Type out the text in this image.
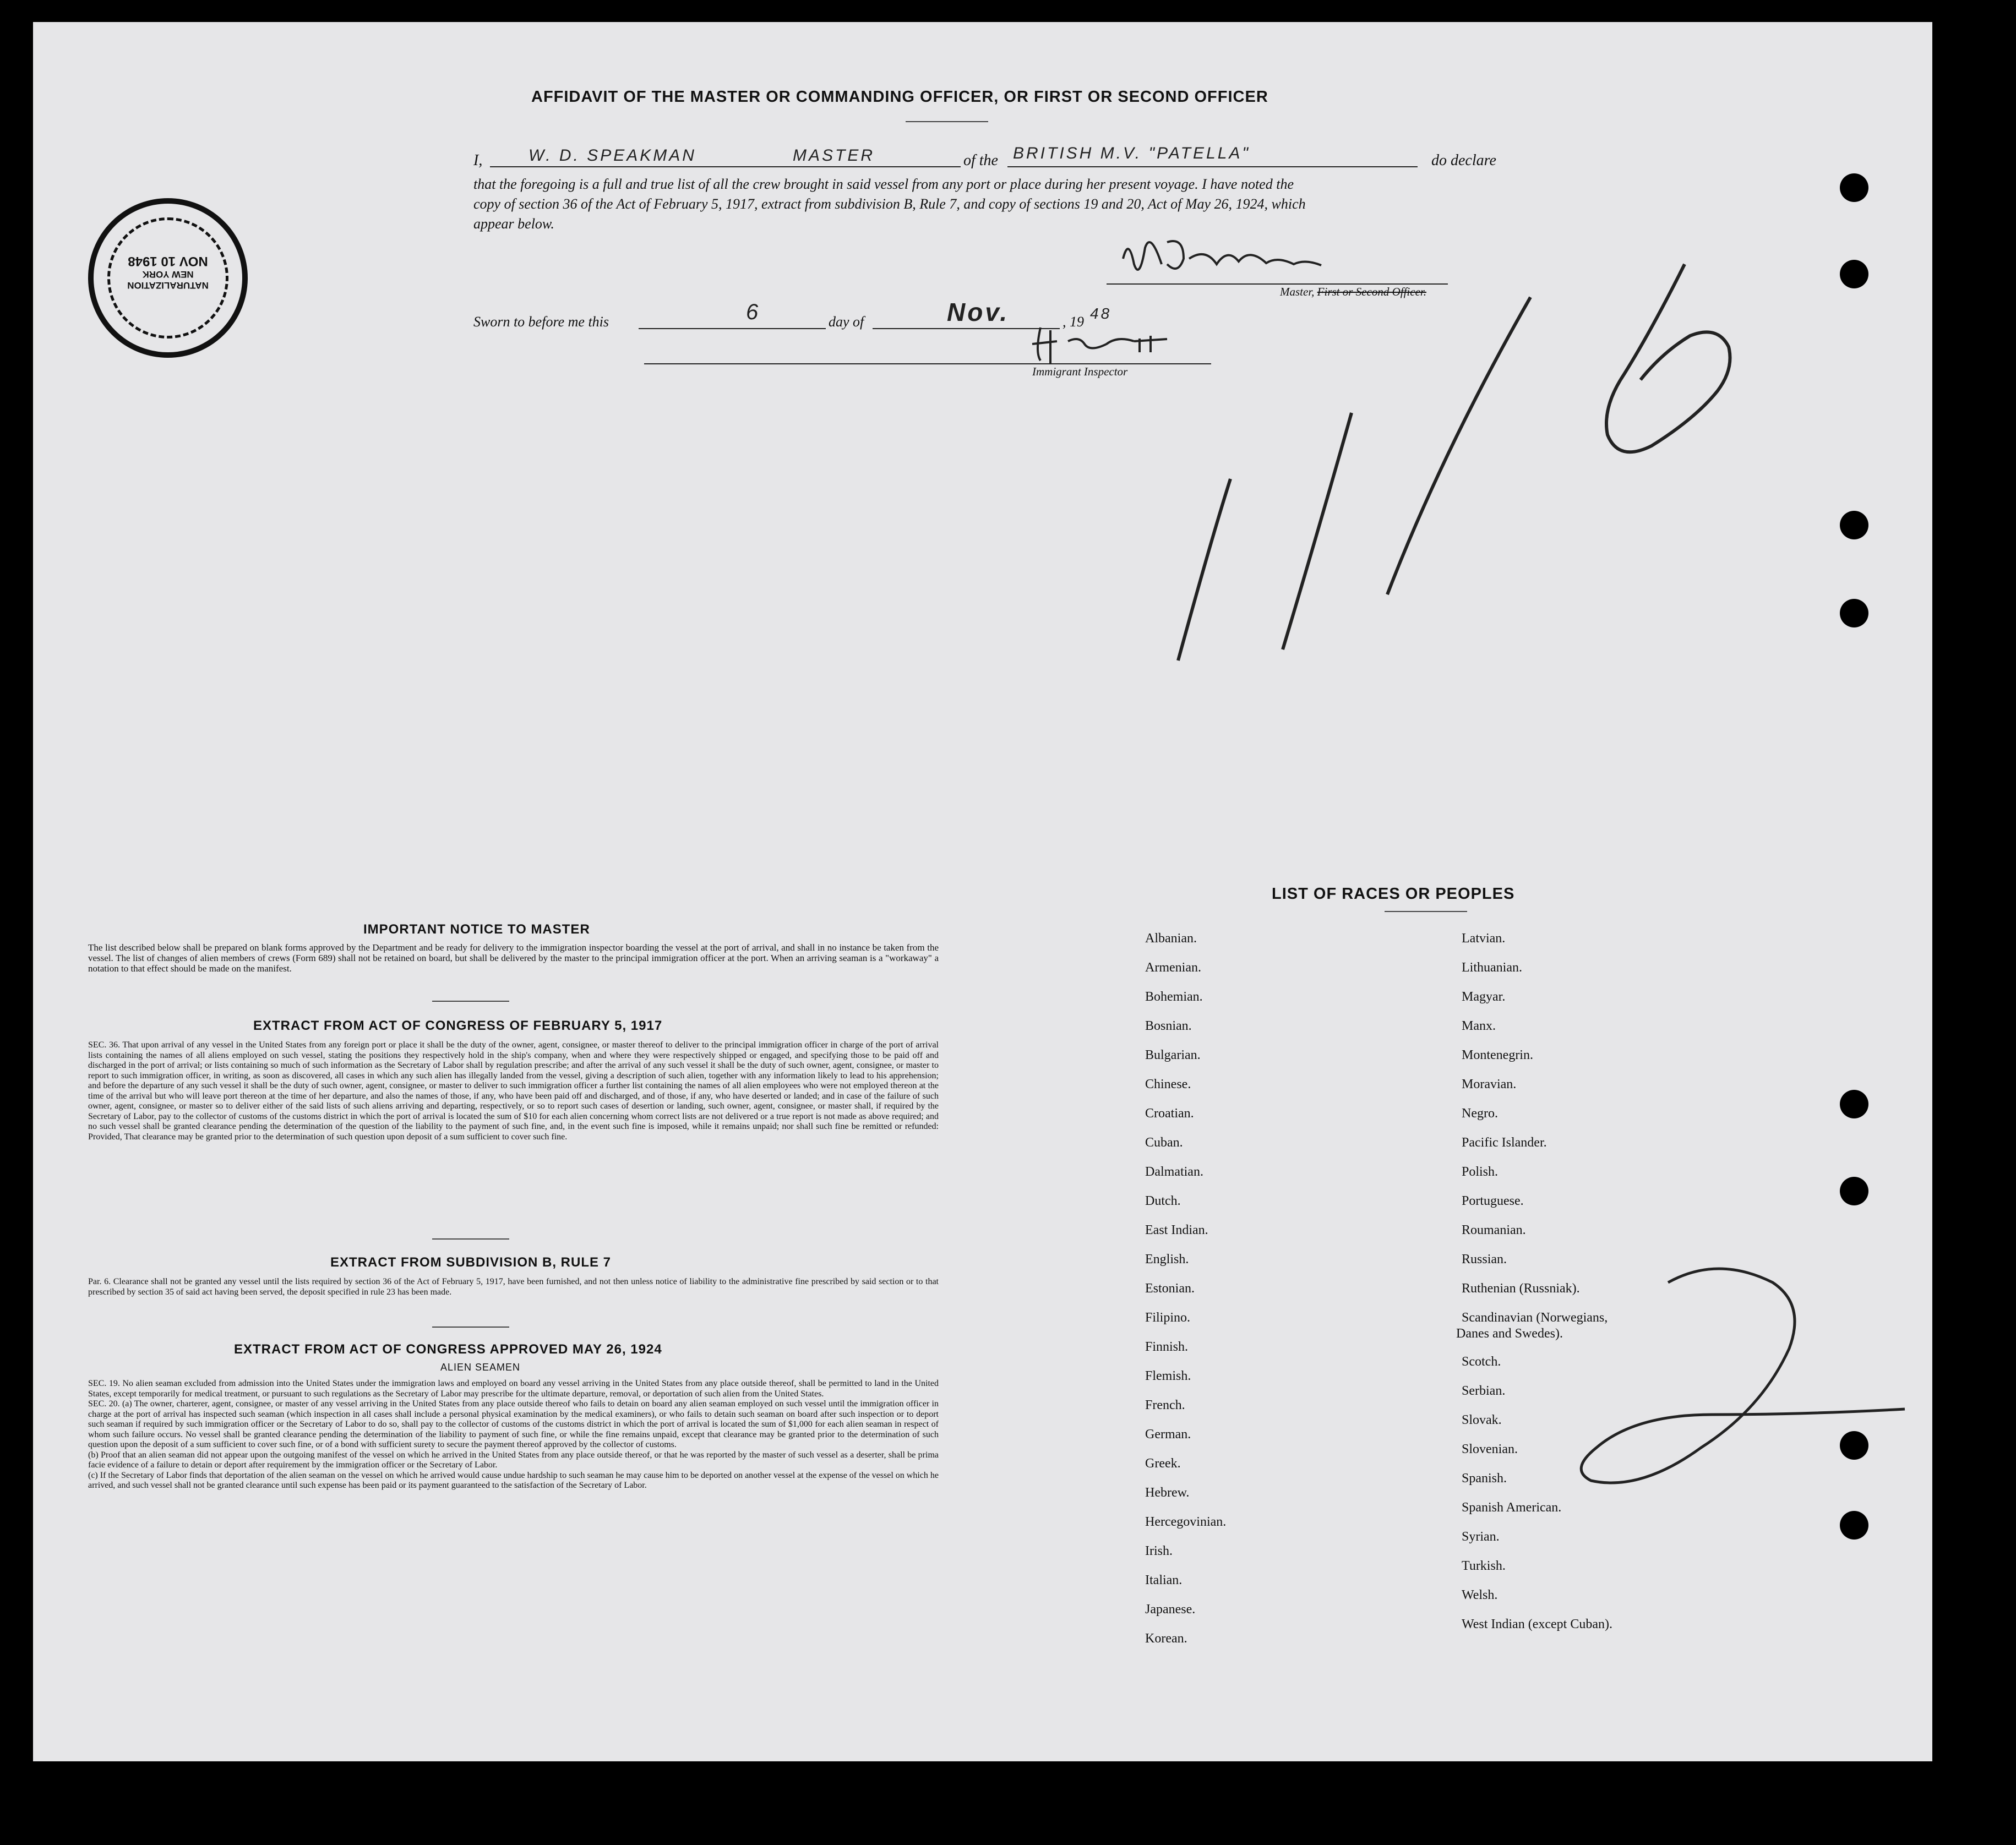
AFFIDAVIT OF THE MASTER OR COMMANDING OFFICER, OR FIRST OR SECOND OFFICER
I,	W. D. SPEAKMAN	MASTER	of the BRITISH M.V. "PATELLA"	do declare
that the foregoing is a full and true list of all the crew brought in said vessel from any port or place during her present voyage. I have noted the
copy of section 36 of the Act of February 5, 1917, extract from subdivision B, Rule 7, and copy of sections 19 and 20, Act of May 26, 1924, which
appear below.
Master, First or Second Officer.
Sworn to before me this	6	day of	Nov.	, 19 48
Immigrant Inspector
NATURALIZATION
NEW YORK
NOV 10 1948
IMPORTANT NOTICE TO MASTER
The list described below shall be prepared on blank forms approved by the Department and be ready for delivery to the immigration inspector boarding the vessel at the port of arrival, and shall in no instance be taken from the vessel. The list of changes of alien members of crews (Form 689) shall not be retained on board, but shall be delivered by the master to the principal immigration officer at the port. When an arriving seaman is a "workaway" a notation to that effect should be made on the manifest.
EXTRACT FROM ACT OF CONGRESS OF FEBRUARY 5, 1917
SEC. 36. That upon arrival of any vessel in the United States from any foreign port or place it shall be the duty of the owner, agent, consignee, or master thereof to deliver to the principal immigration officer in charge of the port of arrival lists containing the names of all aliens employed on such vessel, stating the positions they respectively hold in the ship's company, when and where they were respectively shipped or engaged, and specifying those to be paid off and discharged in the port of arrival; or lists containing so much of such information as the Secretary of Labor shall by regulation prescribe; and after the arrival of any such vessel it shall be the duty of such owner, agent, consignee, or master to report to such immigration officer, in writing, as soon as discovered, all cases in which any such alien has illegally landed from the vessel, giving a description of such alien, together with any information likely to lead to his apprehension; and before the departure of any such vessel it shall be the duty of such owner, agent, consignee, or master to deliver to such immigration officer a further list containing the names of all alien employees who were not employed thereon at the time of the arrival but who will leave port thereon at the time of her departure, and also the names of those, if any, who have been paid off and discharged, and of those, if any, who have deserted or landed; and in case of the failure of such owner, agent, consignee, or master so to deliver either of the said lists of such aliens arriving and departing, respectively, or so to report such cases of desertion or landing, such owner, agent, consignee, or master shall, if required by the Secretary of Labor, pay to the collector of customs of the customs district in which the port of arrival is located the sum of $10 for each alien concerning whom correct lists are not delivered or a true report is not made as above required; and no such vessel shall be granted clearance pending the determination of the question of the liability to the payment of such fine, and, in the event such fine is imposed, while it remains unpaid; nor shall such fine be remitted or refunded: Provided, That clearance may be granted prior to the determination of such question upon deposit of a sum sufficient to cover such fine.
EXTRACT FROM SUBDIVISION B, RULE 7
Par. 6. Clearance shall not be granted any vessel until the lists required by section 36 of the Act of February 5, 1917, have been furnished, and not then unless notice of liability to the administrative fine prescribed by said section or to that prescribed by section 35 of said act having been served, the deposit specified in rule 23 has been made.
EXTRACT FROM ACT OF CONGRESS APPROVED MAY 26, 1924
ALIEN SEAMEN
SEC. 19. No alien seaman excluded from admission into the United States under the immigration laws and employed on board any vessel arriving in the United States from any place outside thereof, shall be permitted to land in the United States, except temporarily for medical treatment, or pursuant to such regulations as the Secretary of Labor may prescribe for the ultimate departure, removal, or deportation of such alien from the United States.
SEC. 20. (a) The owner, charterer, agent, consignee, or master of any vessel arriving in the United States from any place outside thereof who fails to detain on board any alien seaman employed on such vessel until the immigration officer in charge at the port of arrival has inspected such seaman (which inspection in all cases shall include a personal physical examination by the medical examiners), or who fails to detain such seaman on board after such inspection or to deport such seaman if required by such immigration officer or the Secretary of Labor to do so, shall pay to the collector of customs of the customs district in which the port of arrival is located the sum of $1,000 for each alien seaman in respect of whom such failure occurs. No vessel shall be granted clearance pending the determination of the liability to payment of such fine, or while the fine remains unpaid, except that clearance may be granted prior to the determination of such question upon the deposit of a sum sufficient to cover such fine, or of a bond with sufficient surety to secure the payment thereof approved by the collector of customs.
(b) Proof that an alien seaman did not appear upon the outgoing manifest of the vessel on which he arrived in the United States from any place outside thereof, or that he was reported by the master of such vessel as a deserter, shall be prima facie evidence of a failure to detain or deport after requirement by the immigration officer or the Secretary of Labor.
(c) If the Secretary of Labor finds that deportation of the alien seaman on the vessel on which he arrived would cause undue hardship to such seaman he may cause him to be deported on another vessel at the expense of the vessel on which he arrived, and such vessel shall not be granted clearance until such expense has been paid or its payment guaranteed to the satisfaction of the Secretary of Labor.
LIST OF RACES OR PEOPLES
Albanian.
Armenian.
Bohemian.
Bosnian.
Bulgarian.
Chinese.
Croatian.
Cuban.
Dalmatian.
Dutch.
East Indian.
English.
Estonian.
Filipino.
Finnish.
Flemish.
French.
German.
Greek.
Hebrew.
Hercegovinian.
Irish.
Italian.
Japanese.
Korean.
Latvian.
Lithuanian.
Magyar.
Manx.
Montenegrin.
Moravian.
Negro.
Pacific Islander.
Polish.
Portuguese.
Roumanian.
Russian.
Ruthenian (Russniak).
Scandinavian (Norwegians,
Scotch.
Serbian.
Slovak.
Slovenian.
Spanish.
Spanish American.
Syrian.
Turkish.
Welsh.
West Indian (except Cuban).
Danes and Swedes).
